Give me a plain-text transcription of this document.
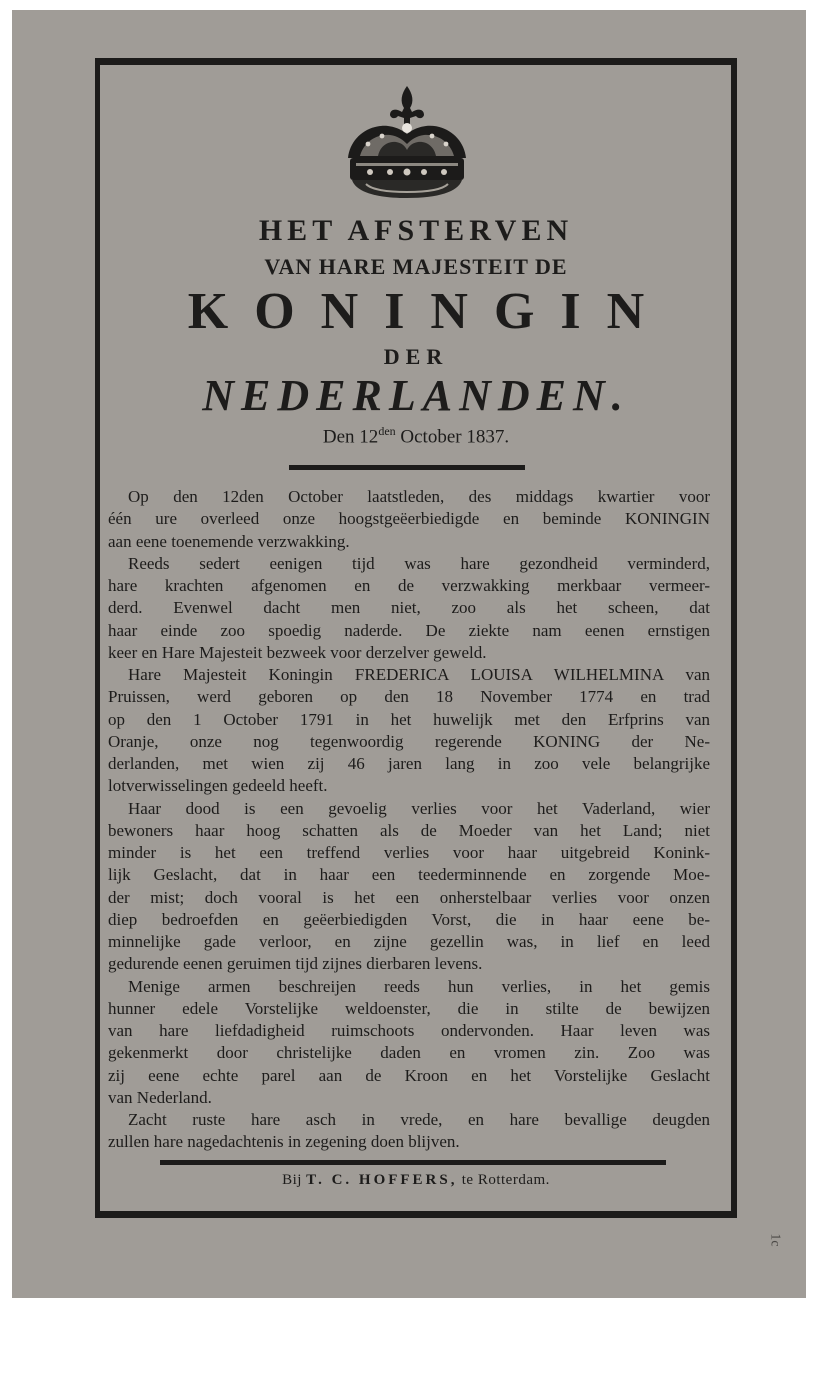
HET AFSTERVEN
VAN HARE MAJESTEIT DE
KONINGIN
DER
NEDERLANDEN.
Den $12^{den}$ October 1837.
Op den 12den October laatstleden, des middags kwartier voor
één ure overleed onze hoogstgeëerbiedigde en beminde KONINGIN
aan eene toenemende verzwakking.
Reeds sedert eenigen tijd was hare gezondheid verminderd,
hare krachten afgenomen en de verzwakking merkbaar vermeer-
derd. Evenwel dacht men niet, zoo als het scheen, dat
haar einde zoo spoedig naderde. De ziekte nam eenen ernstigen
keer en Hare Majesteit bezweek voor derzelver geweld.
Hare Majesteit Koningin FREDERICA LOUISA WILHELMINA van
Pruissen, werd geboren op den 18 November 1774 en trad
op den 1 October 1791 in het huwelijk met den Erfprins van
Oranje, onze nog tegenwoordig regerende KONING der Ne-
derlanden, met wien zij 46 jaren lang in zoo vele belangrijke
lotverwisselingen gedeeld heeft.
Haar dood is een gevoelig verlies voor het Vaderland, wier
bewoners haar hoog schatten als de Moeder van het Land; niet
minder is het een treffend verlies voor haar uitgebreid Konink-
lijk Geslacht, dat in haar een teederminnende en zorgende Moe-
der mist; doch vooral is het een onherstelbaar verlies voor onzen
diep bedroefden en geëerbiedigden Vorst, die in haar eene be-
minnelijke gade verloor, en zijne gezellin was, in lief en leed
gedurende eenen geruimen tijd zijnes dierbaren levens.
Menige armen beschreijen reeds hun verlies, in het gemis
hunner edele Vorstelijke weldoenster, die in stilte de bewijzen
van hare liefdadigheid ruimschoots ondervonden. Haar leven was
gekenmerkt door christelijke daden en vromen zin. Zoo was
zij eene echte parel aan de Kroon en het Vorstelijke Geslacht
van Nederland.
Zacht ruste hare asch in vrede, en hare bevallige deugden
zullen hare nagedachtenis in zegening doen blijven.
Bij T. C. HOFFERS, te Rotterdam.
1c
